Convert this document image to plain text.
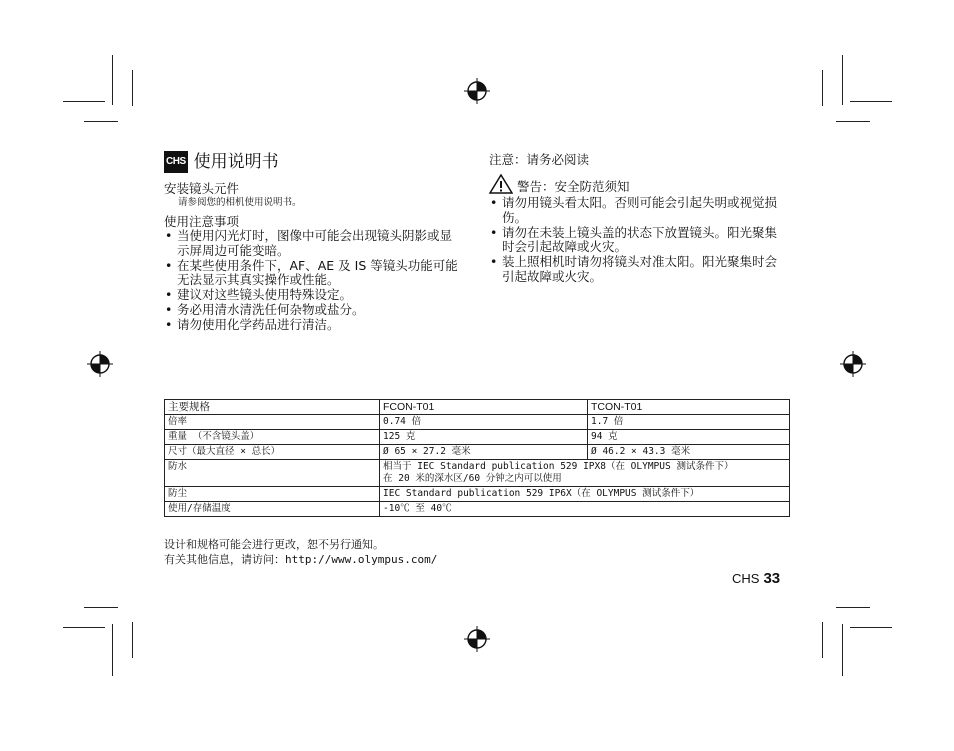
CHS 使用说明书
安装镜头元件
请参阅您的相机使用说明书。
使用注意事项
• 当使用闪光灯时，图像中可能会出现镜头阴影或显示屏周边可能变暗。
• 在某些使用条件下，AF、AE 及 IS 等镜头功能可能无法显示其真实操作或性能。
• 建议对这些镜头使用特殊设定。
• 务必用清水清洗任何杂物或盐分。
• 请勿使用化学药品进行清洁。
注意：请务必阅读
警告：安全防范须知
• 请勿用镜头看太阳。否则可能会引起失明或视觉损伤。
• 请勿在未装上镜头盖的状态下放置镜头。阳光聚集时会引起故障或火灾。
• 装上照相机时请勿将镜头对准太阳。阳光聚集时会引起故障或火灾。
主要规格	FCON-T01	TCON-T01
倍率	0.74 倍	1.7 倍
重量 （不含镜头盖）	125 克	94 克
尺寸（最大直径 × 总长）	Ø 65 × 27.2 毫米	Ø 46.2 × 43.3 毫米
防水	相当于 IEC Standard publication 529 IPX8（在 OLYMPUS 测试条件下）
在 20 米的深水区/60 分钟之内可以使用	

防尘	IEC Standard publication 529 IP6X（在 OLYMPUS 测试条件下）	
使用/存储温度	-10℃ 至 40℃	
设计和规格可能会进行更改，恕不另行通知。
有关其他信息，请访问：http://www.olympus.com/
CHS 33
